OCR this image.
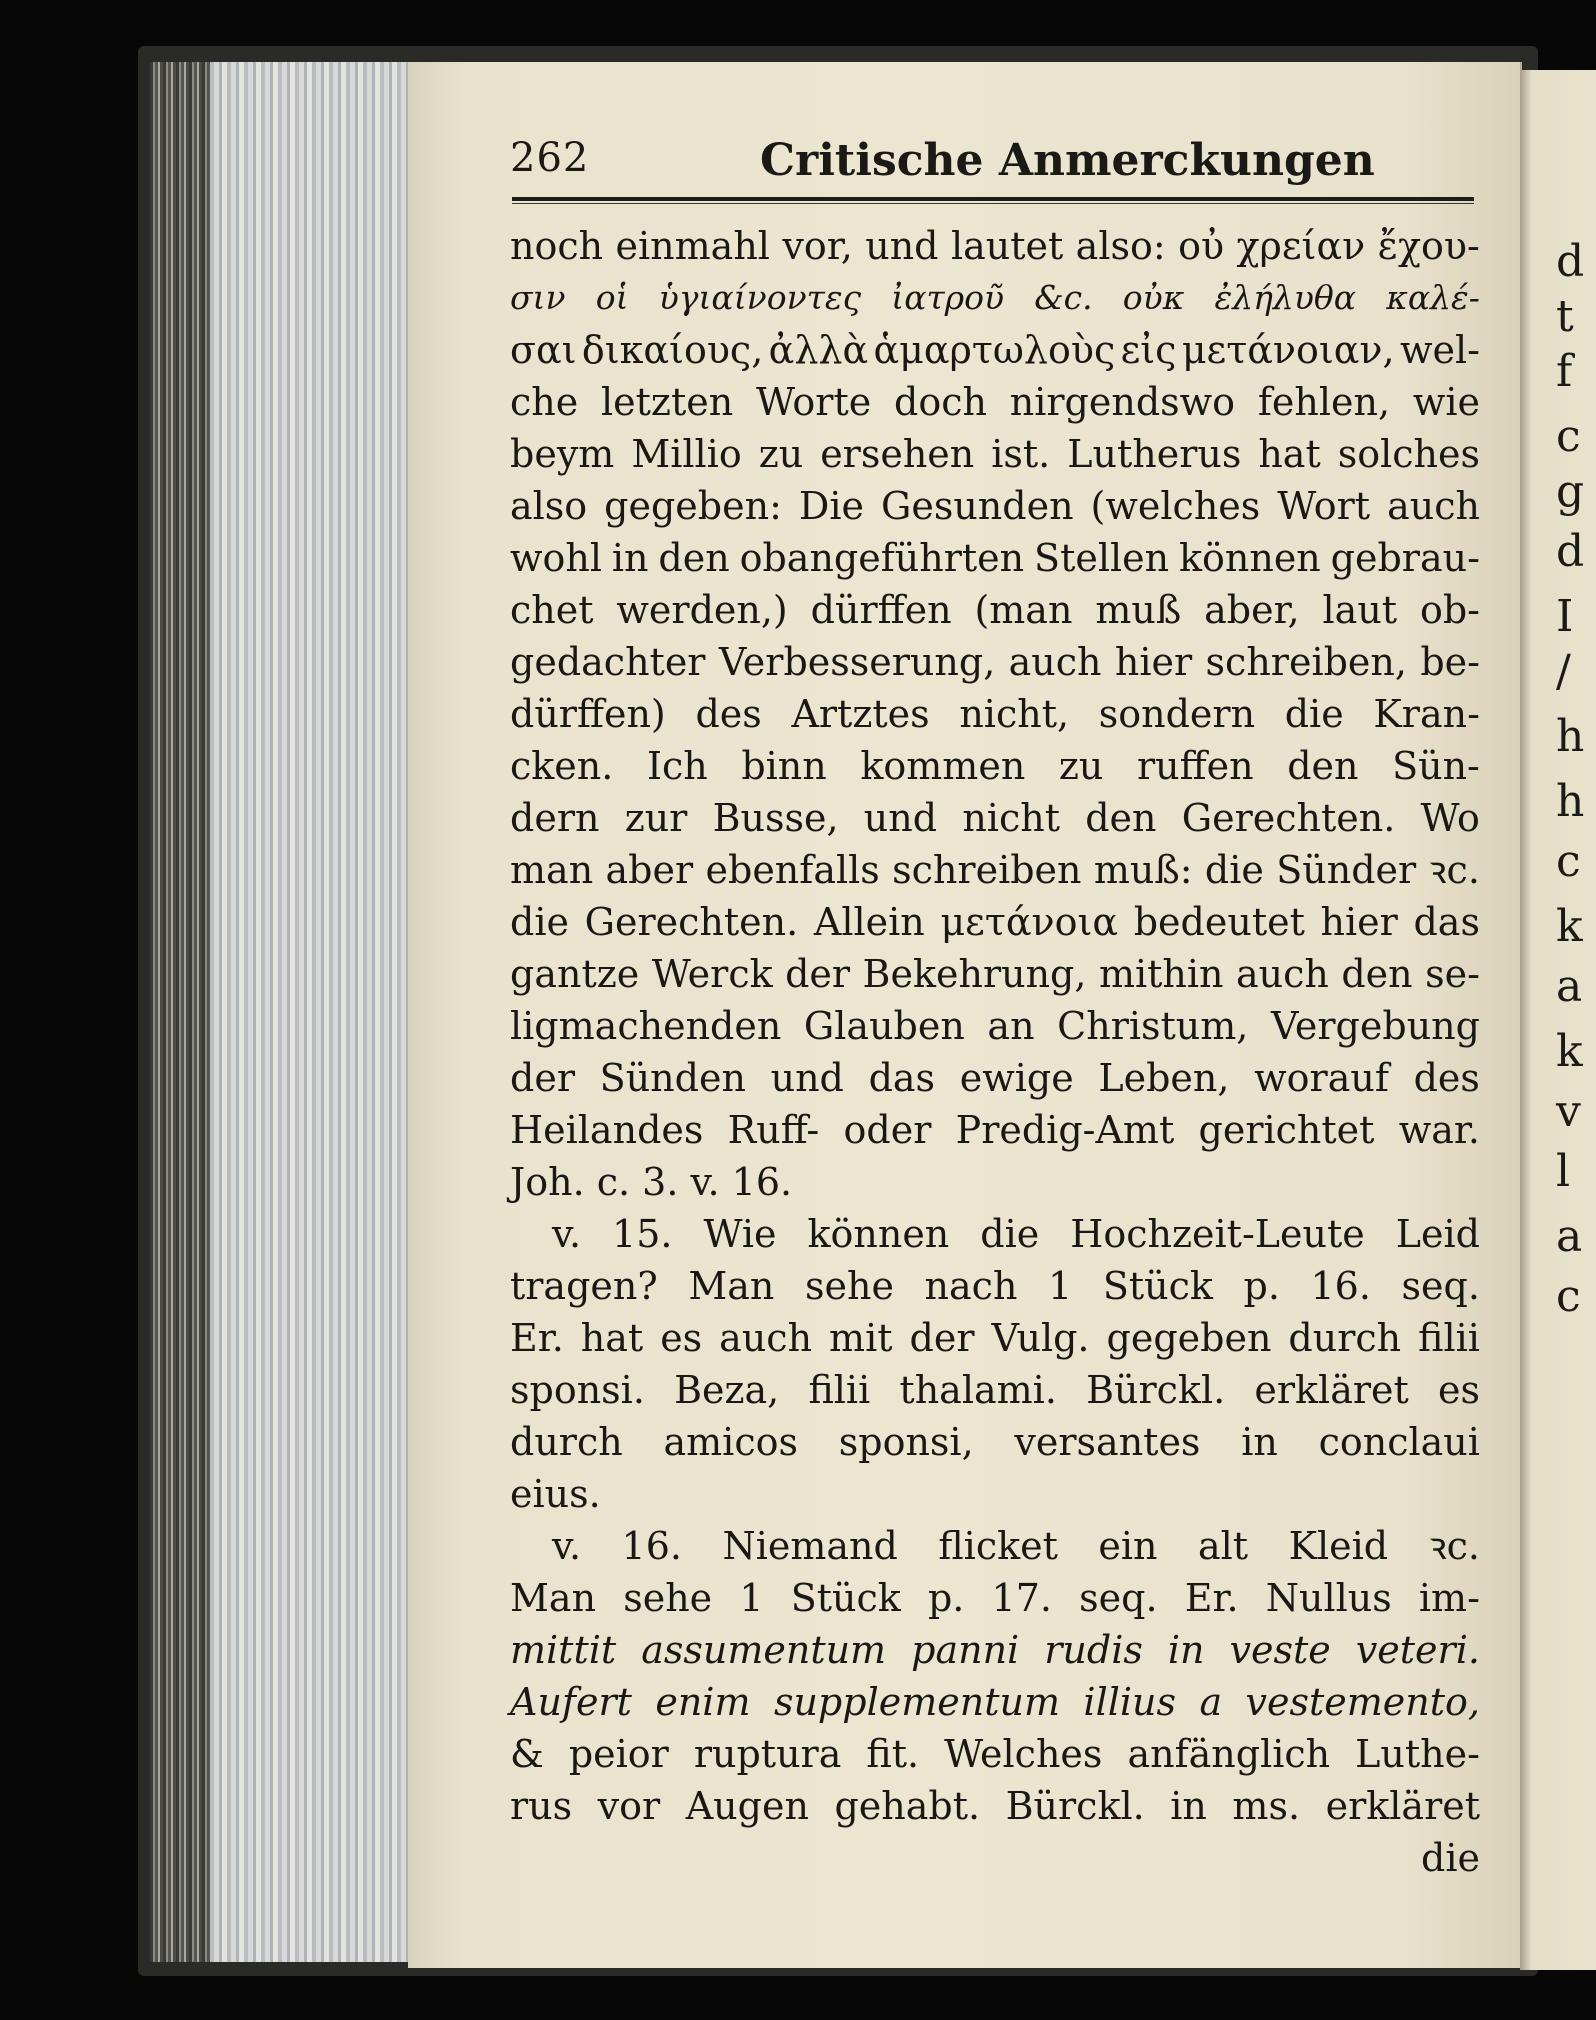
d
t
f
c
g
d
I
/
h
h
c
k
a
k
v
l
a
c
262	Critische Anmerckungen
noch einmahl vor, und lautet also: οὐ χρείαν ἔχου-
σιν οἱ ὑγιαίνοντες ἰατροῦ &c. οὐκ ἐλήλυθα καλέ-
σαι δικαίους, ἀλλὰ ἁμαρτωλοὺς εἰς μετάνοιαν, wel-
che letzten Worte doch nirgendswo fehlen, wie
beym Millio zu ersehen ist. Lutherus hat solches
also gegeben: Die Gesunden (welches Wort auch
wohl in den obangeführten Stellen können gebrau-
chet werden,) dürffen (man muß aber, laut ob-
gedachter Verbesserung, auch hier schreiben, be-
dürffen) des Artztes nicht, sondern die Kran-
cken. Ich binn kommen zu ruffen den Sün-
dern zur Busse, und nicht den Gerechten. Wo
man aber ebenfalls schreiben muß: die Sünder ꝛc.
die Gerechten. Allein μετάνοια bedeutet hier das
gantze Werck der Bekehrung, mithin auch den se-
ligmachenden Glauben an Christum, Vergebung
der Sünden und das ewige Leben, worauf des
Heilandes Ruff- oder Predig-Amt gerichtet war.
Joh. c. 3. v. 16.
v. 15. Wie können die Hochzeit-Leute Leid
tragen? Man sehe nach 1 Stück p. 16. seq.
Er. hat es auch mit der Vulg. gegeben durch filii
sponsi. Beza, filii thalami. Bürckl. erkläret es
durch amicos sponsi, versantes in conclaui
eius.
v. 16. Niemand flicket ein alt Kleid ꝛc.
Man sehe 1 Stück p. 17. seq. Er. Nullus im-
mittit assumentum panni rudis in veste veteri.
Aufert enim supplementum illius a vestemento,
& peior ruptura fit. Welches anfänglich Luthe-
rus vor Augen gehabt. Bürckl. in ms. erkläret
die
